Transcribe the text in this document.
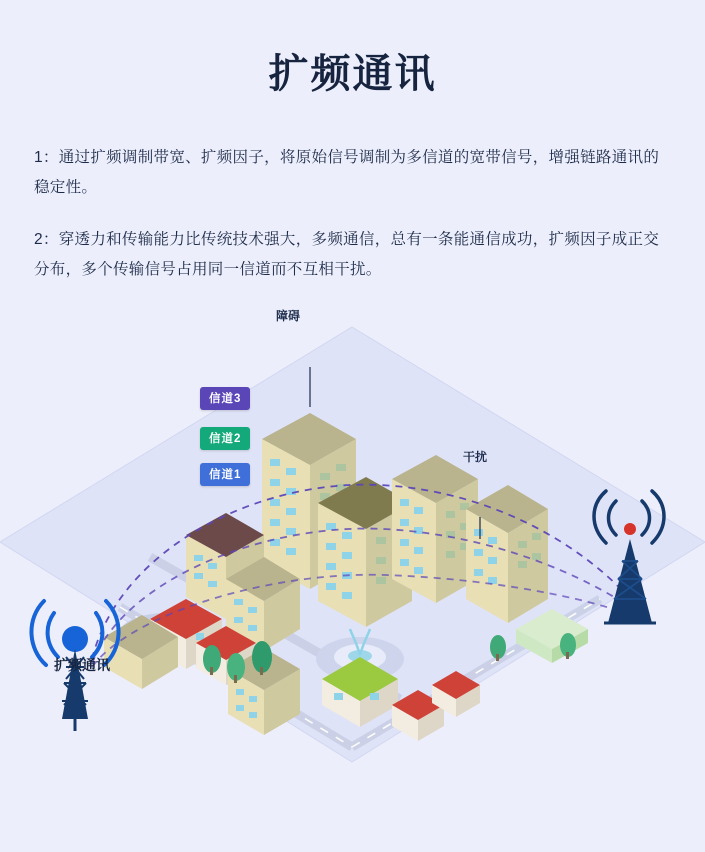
扩频通讯
1：通过扩频调制带宽、扩频因子，将原始信号调制为多信道的宽带信号，增强链路通讯的稳定性。
2：穿透力和传输能力比传统技术强大，多频通信，总有一条能通信成功，扩频因子成正交分布，多个传输信号占用同一信道而不互相干扰。
障碍
干扰
信道3
信道2
信道1
扩频通讯
